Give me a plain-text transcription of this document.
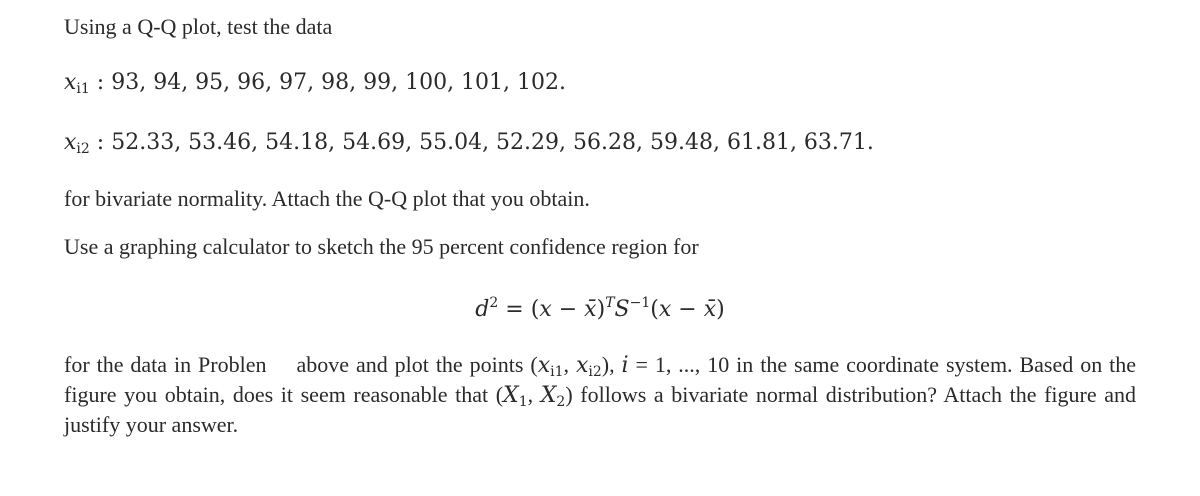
Using a Q-Q plot, test the data
$x_{i1}$ : 93, 94, 95, 96, 97, 98, 99, 100, 101, 102.
$x_{i2}$ : 52.33, 53.46, 54.18, 54.69, 55.04, 52.29, 56.28, 59.48, 61.81, 63.71.
for bivariate normality. Attach the Q-Q plot that you obtain.
Use a graphing calculator to sketch the 95 percent confidence region for
$d^2 = (x$ − $x̄)^TS^{-1}(x$ − x̄)
for the data in Problen above and plot the points ($x_{i1}$, $x_{i2}$), i = 1, ..., 10 in the same coordinate system. Based on the figure you obtain, does it seem reasonable that ($X_1$, $X_2$) follows a bivariate normal distribution? Attach the figure and justify your answer.
